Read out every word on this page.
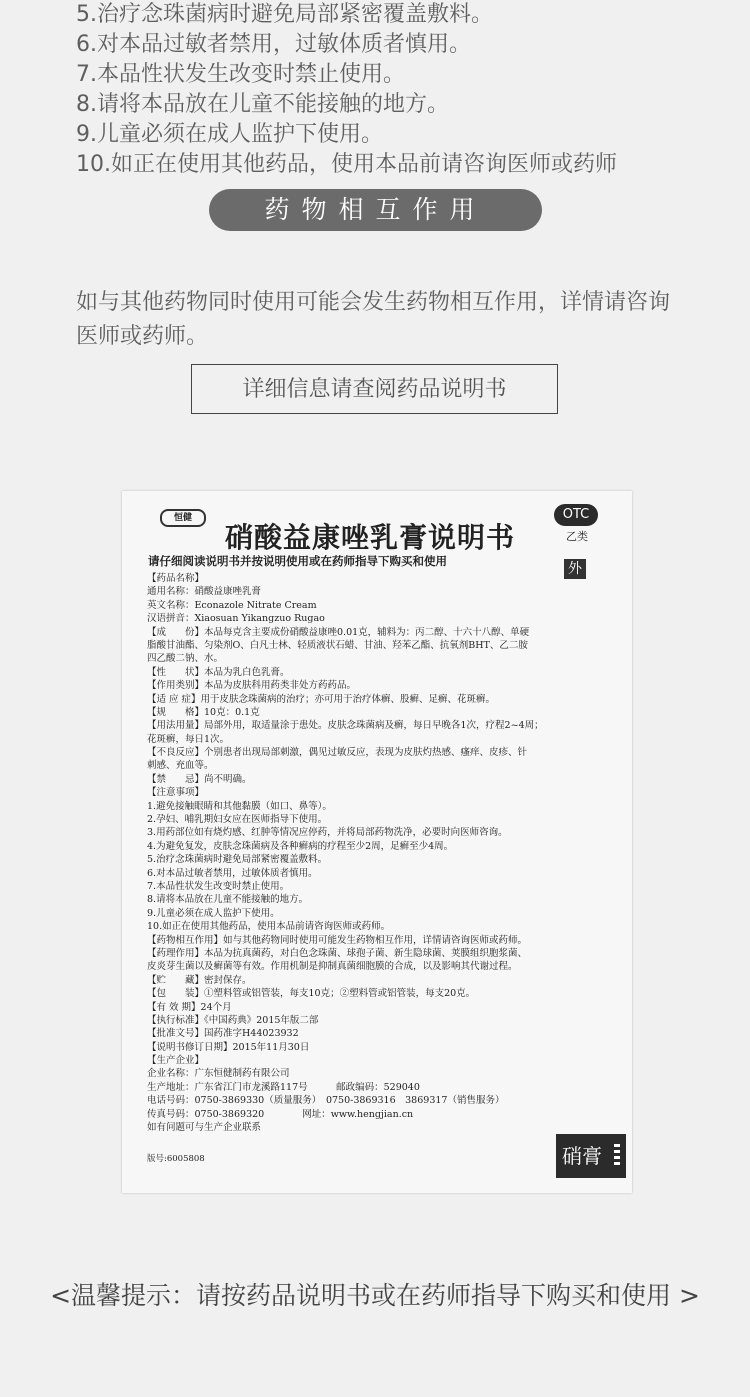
5.治疗念珠菌病时避免局部紧密覆盖敷料。
6.对本品过敏者禁用，过敏体质者慎用。
7.本品性状发生改变时禁止使用。
8.请将本品放在儿童不能接触的地方。
9.儿童必须在成人监护下使用。
10.如正在使用其他药品，使用本品前请咨询医师或药师
药物相互作用
如与其他药物同时使用可能会发生药物相互作用，详情请咨询医师或药师。
详细信息请查阅药品说明书
恒健
硝酸益康唑乳膏说明书
OTC
乙类
外
请仔细阅读说明书并按说明使用或在药师指导下购买和使用
【药品名称】
通用名称：硝酸益康唑乳膏
英文名称：Econazole Nitrate Cream
汉语拼音：Xiaosuan Yikangzuo Rugao
【成　　份】本品每克含主要成份硝酸益康唑0.01克，辅料为：丙二醇、十六十八醇、单硬
脂酸甘油酯、匀染剂O、白凡士林、轻质液状石蜡、甘油、羟苯乙酯、抗氧剂BHT、乙二胺
四乙酸二钠、水。
【性　　状】本品为乳白色乳膏。
【作用类别】本品为皮肤科用药类非处方药药品。
【适 应 症】用于皮肤念珠菌病的治疗；亦可用于治疗体癣、股癣、足癣、花斑癣。
【规　　格】10克：0.1克
【用法用量】局部外用，取适量涂于患处。皮肤念珠菌病及癣，每日早晚各1次，疗程2~4周；
花斑癣，每日1次。
【不良反应】个别患者出现局部刺激，偶见过敏反应，表现为皮肤灼热感、瘙痒、皮疹、针
刺感、充血等。
【禁　　忌】尚不明确。
【注意事项】
1.避免接触眼睛和其他黏膜（如口、鼻等）。
2.孕妇、哺乳期妇女应在医师指导下使用。
3.用药部位如有烧灼感、红肿等情况应停药，并将局部药物洗净，必要时向医师咨询。
4.为避免复发，皮肤念珠菌病及各种癣病的疗程至少2周，足癣至少4周。
5.治疗念珠菌病时避免局部紧密覆盖敷料。
6.对本品过敏者禁用，过敏体质者慎用。
7.本品性状发生改变时禁止使用。
8.请将本品放在儿童不能接触的地方。
9.儿童必须在成人监护下使用。
10.如正在使用其他药品，使用本品前请咨询医师或药师。
【药物相互作用】如与其他药物同时使用可能发生药物相互作用，详情请咨询医师或药师。
【药理作用】本品为抗真菌药，对白色念珠菌、球孢子菌、新生隐球菌、荚膜组织胞浆菌、
皮炎芽生菌以及癣菌等有效。作用机制是抑制真菌细胞膜的合成，以及影响其代谢过程。
【贮　　藏】密封保存。
【包　　装】①塑料管或铝管装，每支10克；②塑料管或铝管装，每支20克。
【有 效 期】24个月
【执行标准】《中国药典》2015年版二部
【批准文号】国药准字H44023932
【说明书修订日期】2015年11月30日
【生产企业】
企业名称：广东恒健制药有限公司
生产地址：广东省江门市龙溪路117号　　　邮政编码：529040
电话号码：0750-3869330（质量服务）　0750-3869316　3869317（销售服务）
传真号码：0750-3869320　　　　网址：www.hengjian.cn
如有问题可与生产企业联系
版号:6005808	硝膏
<温馨提示：请按药品说明书或在药师指导下购买和使用 >
